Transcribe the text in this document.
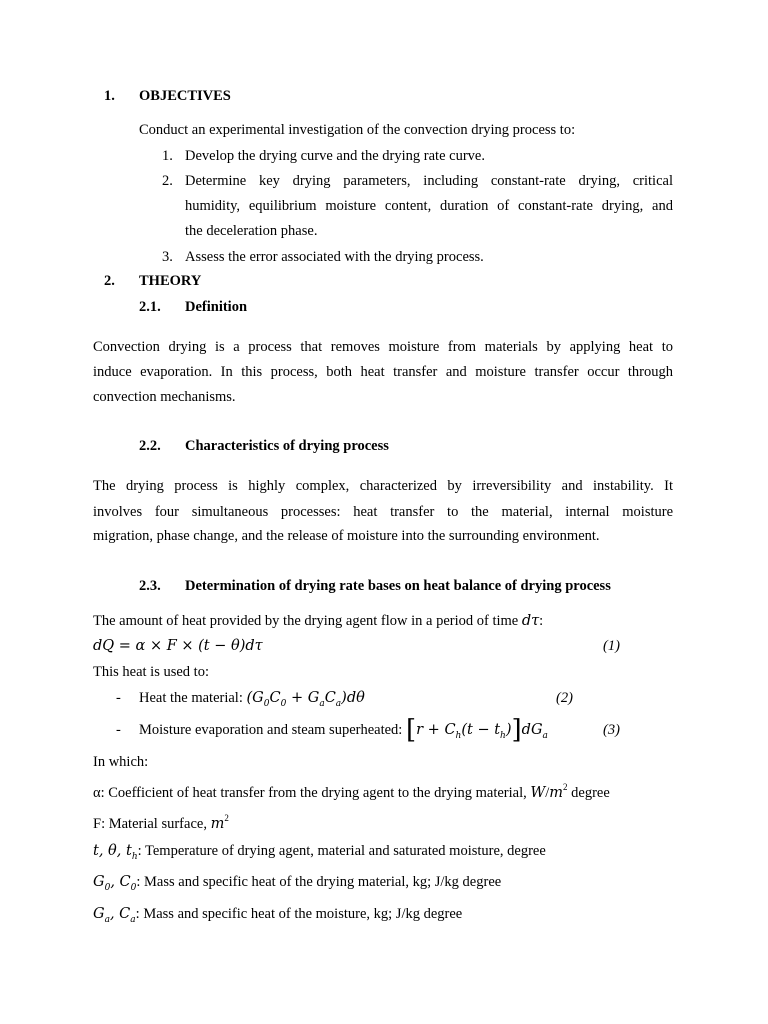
1. OBJECTIVES
Conduct an experimental investigation of the convection drying process to:
1. Develop the drying curve and the drying rate curve.
2. Determine key drying parameters, including constant-rate drying, critical
humidity, equilibrium moisture content, duration of constant-rate drying, and
the deceleration phase.
3. Assess the error associated with the drying process.
2. THEORY
2.1. Definition
Convection drying is a process that removes moisture from materials by applying heat to
induce evaporation. In this process, both heat transfer and moisture transfer occur through
convection mechanisms.
2.2. Characteristics of drying process
The drying process is highly complex, characterized by irreversibility and instability. It
involves four simultaneous processes: heat transfer to the material, internal moisture
migration, phase change, and the release of moisture into the surrounding environment.
2.3. Determination of drying rate bases on heat balance of drying process
The amount of heat provided by the drying agent flow in a period of time dτ:
dQ = α × F × (t − θ)dτ	(1)
This heat is used to:
- Heat the material: $(G_0C_0 + G_aC_a)d\theta$	(2)
- Moisture evaporation and steam superheated: $[r + C_h(t - t_h)]dG_a$	(3)
In which:
α: Coefficient of heat transfer from the drying agent to the drying material, $W/m^2$ degree
F: Material surface, $m^2$
t, θ, $t_h$: Temperature of drying agent, material and saturated moisture, degree
$G_0$, $C_0$: Mass and specific heat of the drying material, kg; J/kg degree
$G_a$, $C_a$: Mass and specific heat of the moisture, kg; J/kg degree
